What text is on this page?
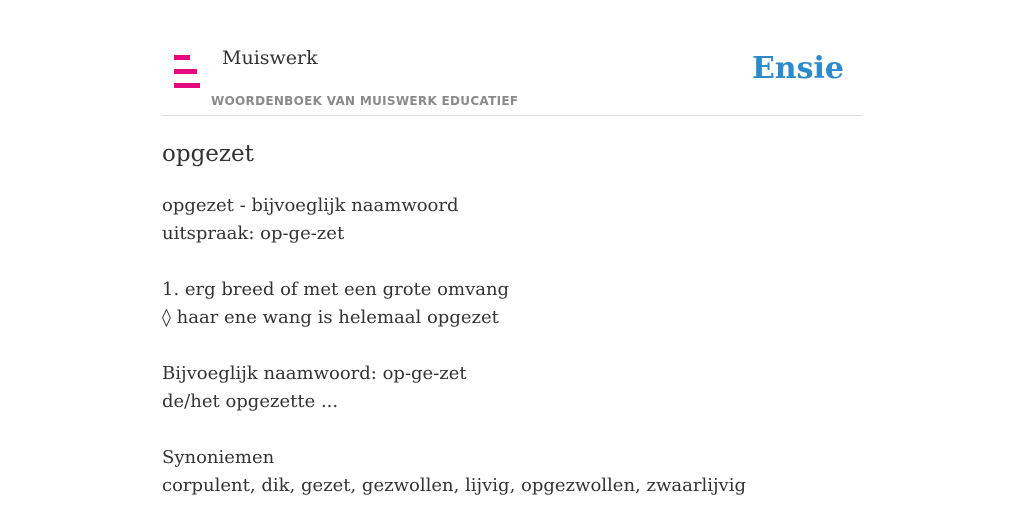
Muiswerk
WOORDENBOEK VAN MUISWERK EDUCATIEF
Ensie
opgezet
opgezet - bijvoeglijk naamwoord
uitspraak: op-ge-zet
1. erg breed of met een grote omvang
◊ haar ene wang is helemaal opgezet
Bijvoeglijk naamwoord: op-ge-zet
de/het opgezette ...
Synoniemen
corpulent, dik, gezet, gezwollen, lijvig, opgezwollen, zwaarlijvig
